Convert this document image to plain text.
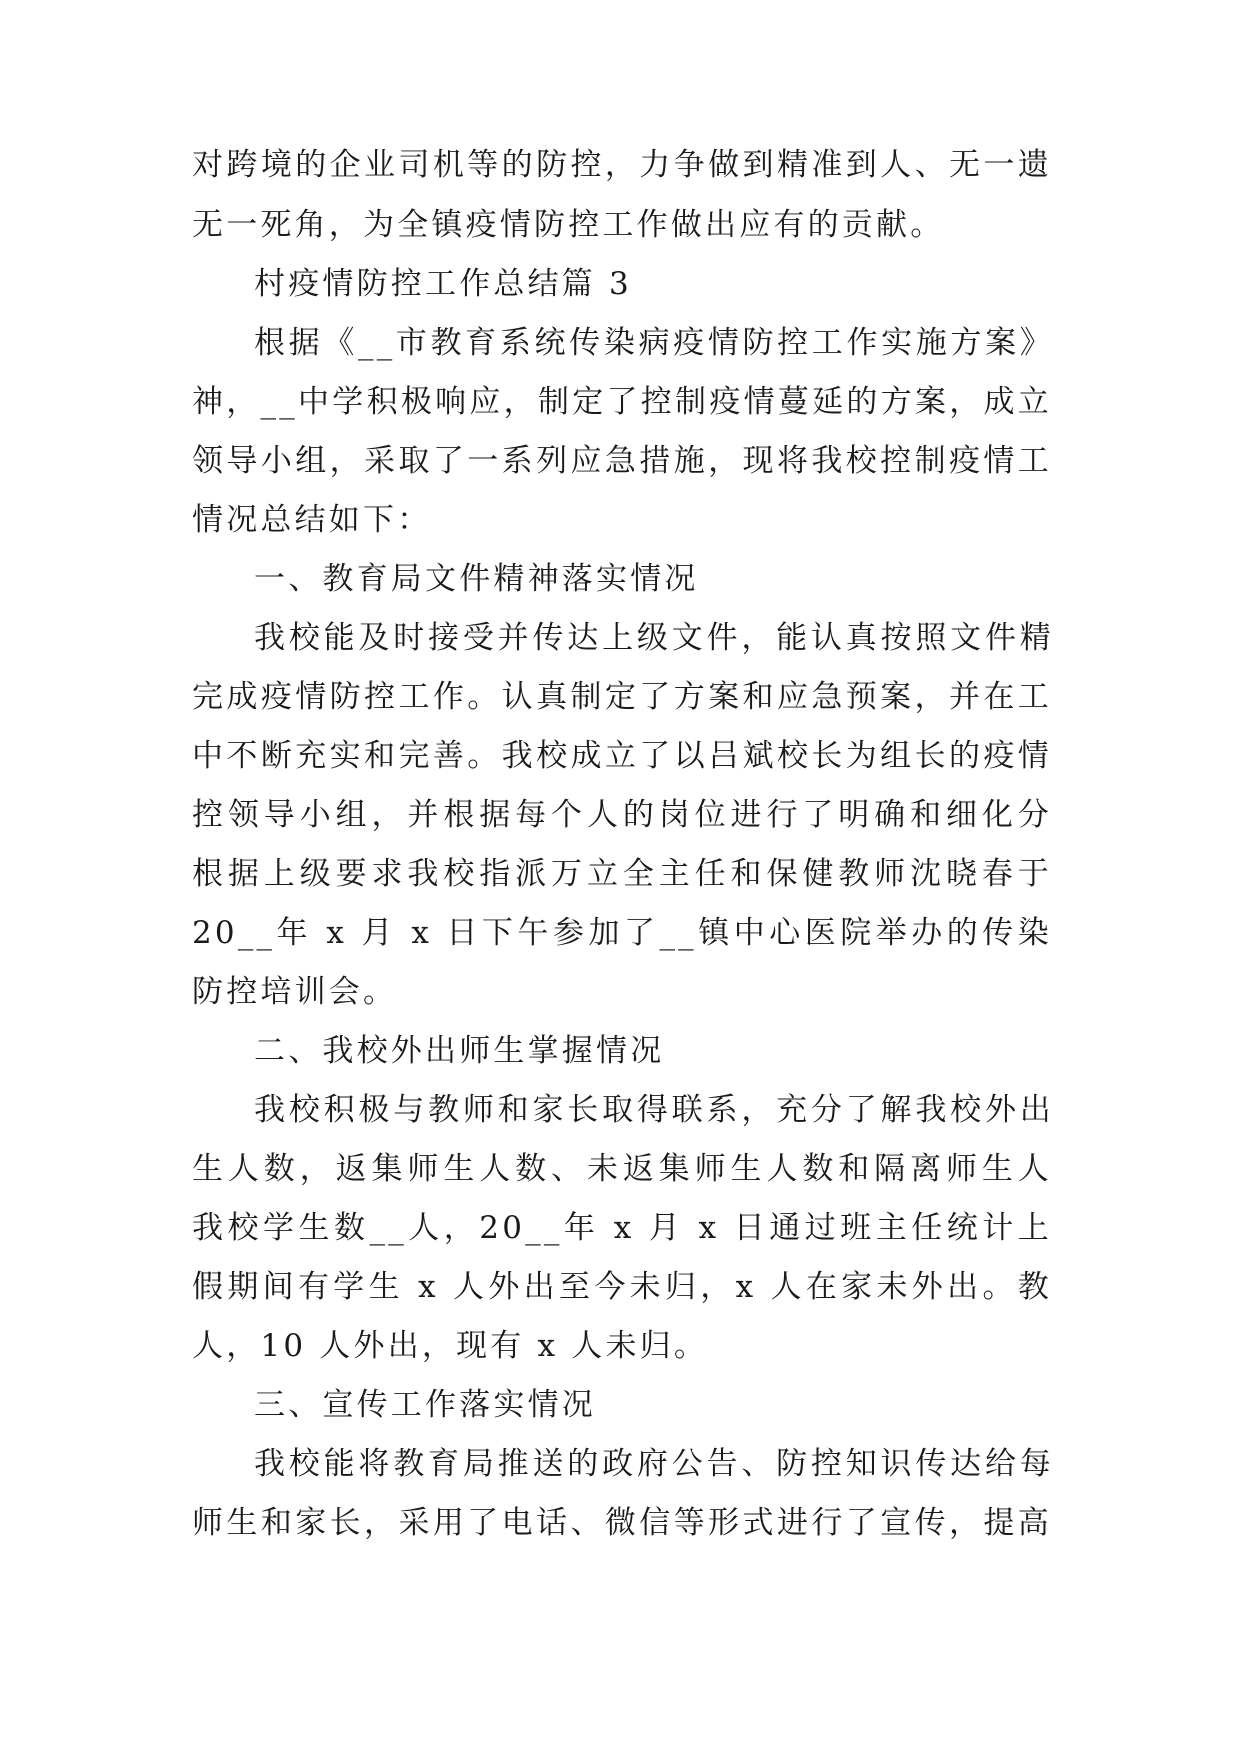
对跨境的企业司机等的防控，力争做到精准到人、无一遗
无一死角，为全镇疫情防控工作做出应有的贡献。
村疫情防控工作总结篇 3
根据《__市教育系统传染病疫情防控工作实施方案》
神，__中学积极响应，制定了控制疫情蔓延的方案，成立
领导小组，采取了一系列应急措施，现将我校控制疫情工
情况总结如下：
一、教育局文件精神落实情况
我校能及时接受并传达上级文件，能认真按照文件精
完成疫情防控工作。认真制定了方案和应急预案，并在工
中不断充实和完善。我校成立了以吕斌校长为组长的疫情
控领导小组，并根据每个人的岗位进行了明确和细化分
根据上级要求我校指派万立全主任和保健教师沈晓春于
20__年 x 月 x 日下午参加了__镇中心医院举办的传染
防控培训会。
二、我校外出师生掌握情况
我校积极与教师和家长取得联系，充分了解我校外出
生人数，返集师生人数、未返集师生人数和隔离师生人
我校学生数__人，20__年 x 月 x 日通过班主任统计上
假期间有学生 x 人外出至今未归，x 人在家未外出。教
人，10 人外出，现有 x 人未归。
三、宣传工作落实情况
我校能将教育局推送的政府公告、防控知识传达给每
师生和家长，采用了电话、微信等形式进行了宣传，提高
